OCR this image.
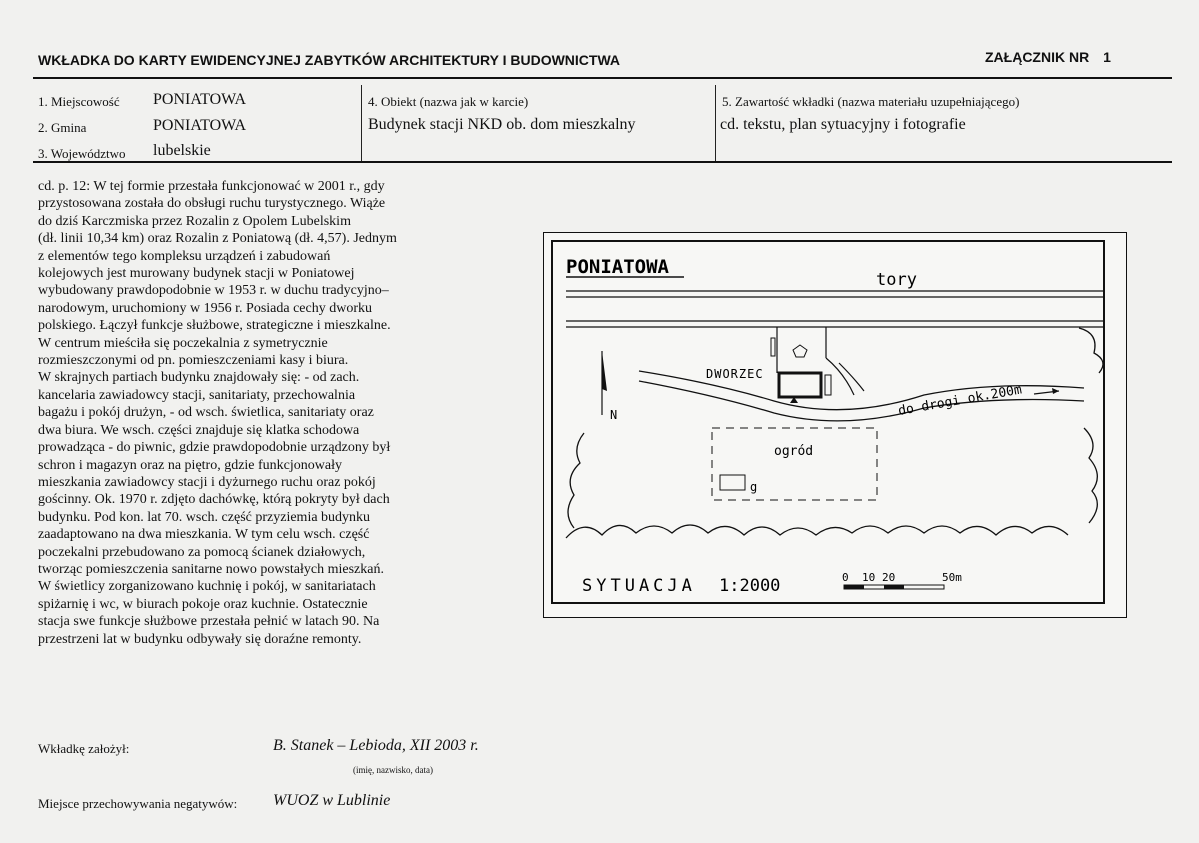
WKŁADKA DO KARTY EWIDENCYJNEJ ZABYTKÓW ARCHITEKTURY I BUDOWNICTWA	ZAŁĄCZNIK NR 1
1. Miejscowość PONIATOWA
2. Gmina	PONIATOWA
3. Województwo lubelskie
4. Obiekt (nazwa jak w karcie)
Budynek stacji NKD ob. dom mieszkalny
5. Zawartość wkładki (nazwa materiału uzupełniającego)
cd. tekstu, plan sytuacyjny i fotografie

cd. p. 12: W tej formie przestała funkcjonować w 2001 r., gdy

przystosowana została do obsługi ruchu turystycznego. Wiąże

do dziś Karczmiska przez Rozalin z Opolem Lubelskim

(dł. linii 10,34 km) oraz Rozalin z Poniatową (dł. 4,57). Jednym

z elementów tego kompleksu urządzeń i zabudowań

kolejowych jest murowany budynek stacji w Poniatowej

wybudowany prawdopodobnie w 1953 r. w duchu tradycyjno–

narodowym, uruchomiony w 1956 r. Posiada cechy dworku

polskiego. Łączył funkcje służbowe, strategiczne i mieszkalne.

W centrum mieściła się poczekalnia z symetrycznie

rozmieszczonymi od pn. pomieszczeniami kasy i biura.

W skrajnych partiach budynku znajdowały się: - od zach.

kancelaria zawiadowcy stacji, sanitariaty, przechowalnia

bagażu i pokój drużyn, - od wsch. świetlica, sanitariaty oraz

dwa biura. We wsch. części znajduje się klatka schodowa

prowadząca - do piwnic, gdzie prawdopodobnie urządzony był

schron i magazyn oraz na piętro, gdzie funkcjonowały

mieszkania zawiadowcy stacji i dyżurnego ruchu oraz pokój

gościnny. Ok. 1970 r. zdjęto dachówkę, którą pokryty był dach

budynku. Pod kon. lat 70. wsch. część przyziemia budynku

zaadaptowano na dwa mieszkania. W tym celu wsch. część

poczekalni przebudowano za pomocą ścianek działowych,

tworząc pomieszczenia sanitarne nowo powstałych mieszkań.

W świetlicy zorganizowano kuchnię i pokój, w sanitariatach

spiżarnię i wc, w biurach pokoje oraz kuchnie. Ostatecznie

stacja swe funkcje służbowe przestała pełnić w latach 90. Na

przestrzeni lat w budynku odbywały się doraźne remonty.

PONIATOWA
tory
DWORZEC
do drogi ok.200m
N
ogród
g
SYTUACJA 1:2000	0 10 20	50m
Wkładkę założył:	B. Stanek – Lebioda, XII 2003 r.
(imię, nazwisko, data)
Miejsce przechowywania negatywów: WUOZ w Lublinie
